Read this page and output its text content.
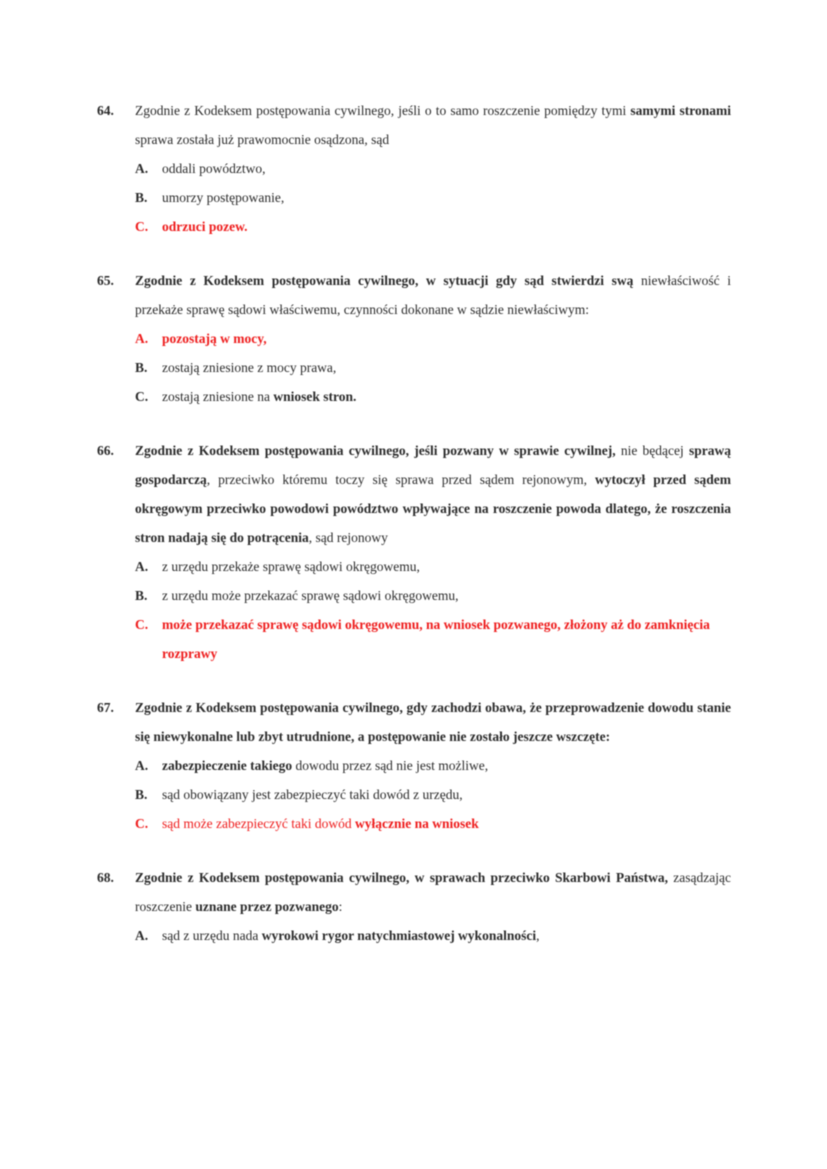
64. Zgodnie z Kodeksem postępowania cywilnego, jeśli o to samo roszczenie pomiędzy tymi samymi stronami sprawa została już prawomocnie osądzona, sąd

A.	oddali powództwo,
B.	umorzy postępowanie,
C.	odrzuci pozew.
65. Zgodnie z Kodeksem postępowania cywilnego, w sytuacji gdy sąd stwierdzi swą niewłaściwość i przekaże sprawę sądowi właściwemu, czynności dokonane w sądzie niewłaściwym:

A.	pozostają w mocy,
B.	zostają zniesione z mocy prawa,
C.	zostają zniesione na wniosek stron.
66. Zgodnie z Kodeksem postępowania cywilnego, jeśli pozwany w sprawie cywilnej, nie będącej sprawą gospodarczą, przeciwko któremu toczy się sprawa przed sądem rejonowym, wytoczył przed sądem okręgowym przeciwko powodowi powództwo wpływające na roszczenie powoda dlatego, że roszczenia stron nadają się do potrącenia, sąd rejonowy

A.	z urzędu przekaże sprawę sądowi okręgowemu,
B.	z urzędu może przekazać sprawę sądowi okręgowemu,
C.	może przekazać sprawę sądowi okręgowemu, na wniosek pozwanego, złożony aż do zamknięcia rozprawy
67. Zgodnie z Kodeksem postępowania cywilnego, gdy zachodzi obawa, że przeprowadzenie dowodu stanie się niewykonalne lub zbyt utrudnione, a postępowanie nie zostało jeszcze wszczęte:

A.	zabezpieczenie takiego dowodu przez sąd nie jest możliwe,
B.	sąd obowiązany jest zabezpieczyć taki dowód z urzędu,
C.	sąd może zabezpieczyć taki dowód wyłącznie na wniosek
68. Zgodnie z Kodeksem postępowania cywilnego, w sprawach przeciwko Skarbowi Państwa, zasądzając roszczenie uznane przez pozwanego:

A.	sąd z urzędu nada wyrokowi rygor natychmiastowej wykonalności,
